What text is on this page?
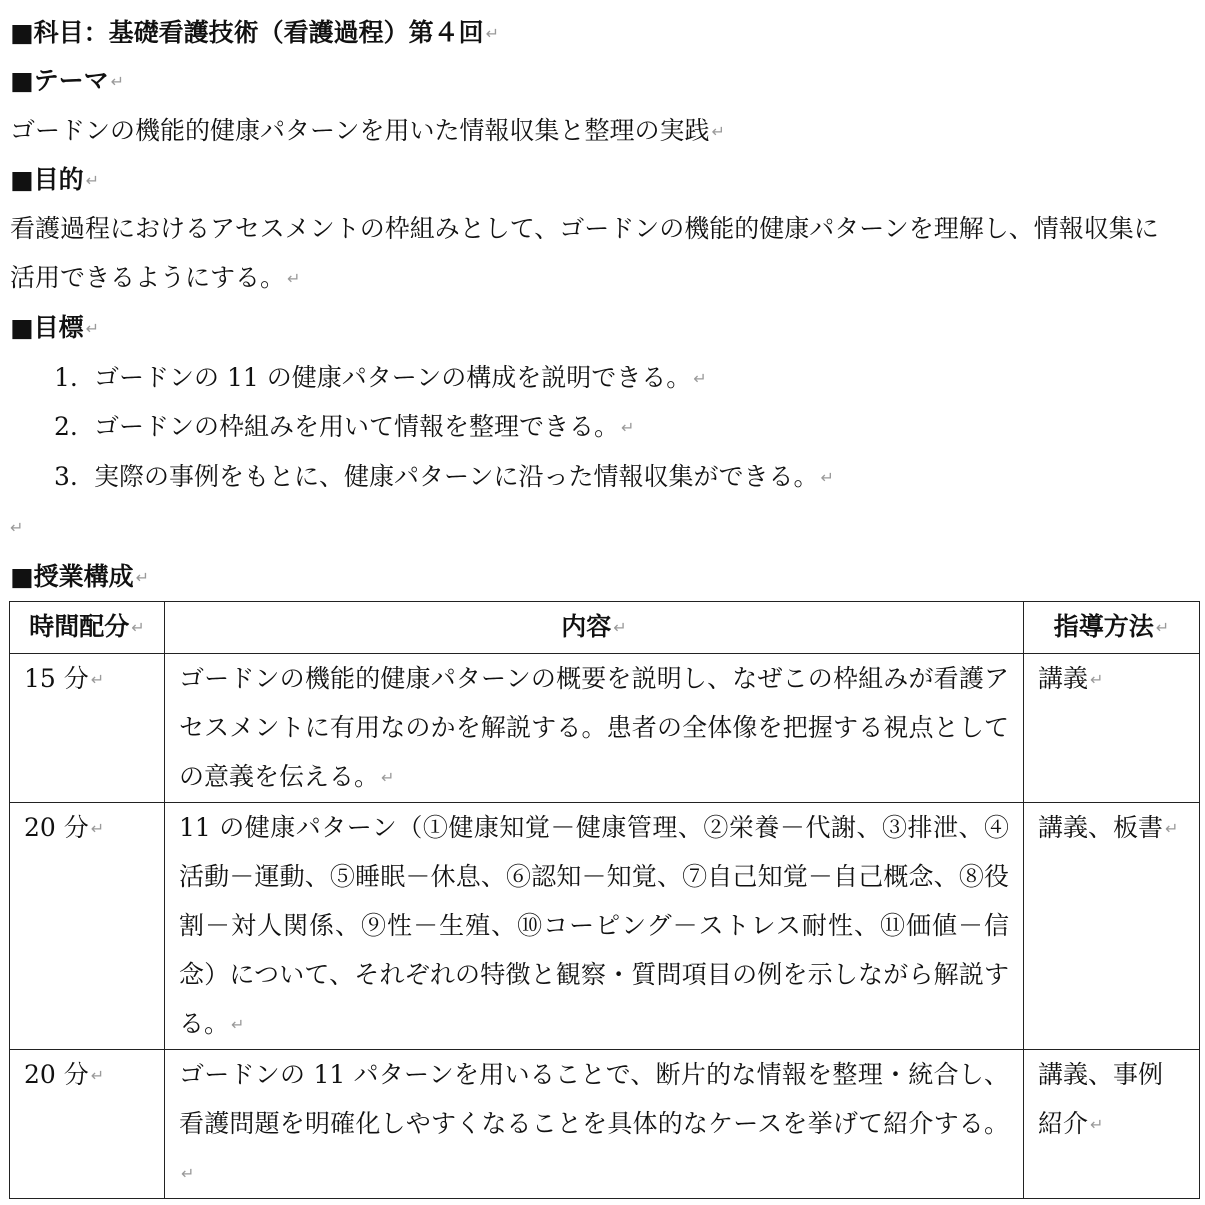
■科目：基礎看護技術（看護過程）第４回 ↵
■テーマ ↵
ゴードンの機能的健康パターンを用いた情報収集と整理の実践 ↵
■目的 ↵
看護過程におけるアセスメントの枠組みとして、ゴードンの機能的健康パターンを理解し、情報収集に
活用できるようにする。 ↵
■目標 ↵
1. ゴードンの 11 の健康パターンの構成を説明できる。 ↵
2. ゴードンの枠組みを用いて情報を整理できる。 ↵
3. 実際の事例をもとに、健康パターンに沿った情報収集ができる。 ↵
↵
■授業構成 ↵
時間配分 ↵	内容 ↵	指導方法 ↵
15 分 ↵	ゴードンの機能的健康パターンの概要を説明し、なぜこの枠組みが看護アセスメントに有用なのかを解説する。患者の全体像を把握する視点としての意義を伝える。 ↵	講義 ↵
20 分 ↵	11 の健康パターン（①健康知覚－健康管理、②栄養－代謝、③排泄、④活動－運動、⑤睡眠－休息、⑥認知－知覚、⑦自己知覚－自己概念、⑧役割－対人関係、⑨性－生殖、⑩コーピング－ストレス耐性、⑪価値－信念）について、それぞれの特徴と観察・質問項目の例を示しながら解説する。 ↵	講義、板書 ↵
20 分 ↵	ゴードンの 11 パターンを用いることで、断片的な情報を整理・統合し、看護問題を明確化しやすくなることを具体的なケースを挙げて紹介する。↵	講義、事例紹介 ↵
